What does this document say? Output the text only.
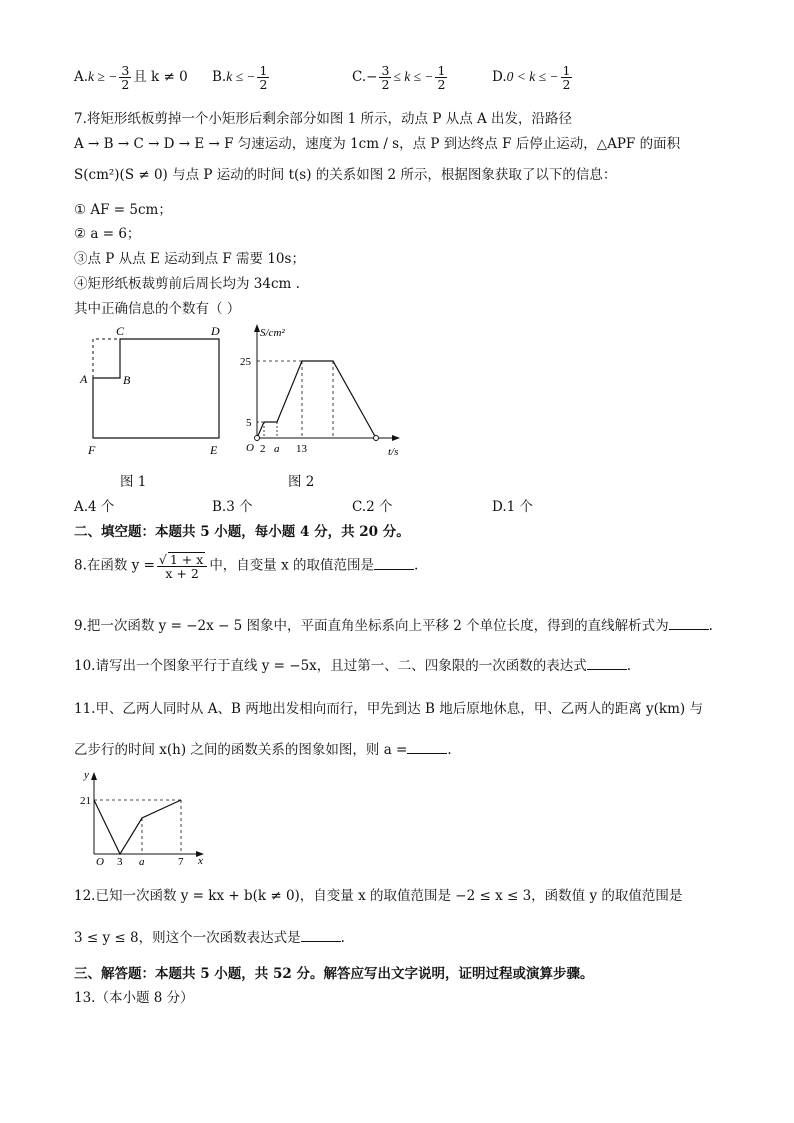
A.k ≥ − $\frac{3}{2}$ 且 k ≠ 0 B.k ≤ − $\frac{1}{2}$	$C.- \frac{3}{2} \le k$ ≤ − $\frac{1}{2}$	D.0 < k ≤ − $\frac{1}{2}$
7.将矩形纸板剪掉一个小矩形后剩余部分如图 1 所示，动点 P 从点 A 出发，沿路径
A → B → C → D → E → F 匀速运动，速度为 1cm / s，点 P 到达终点 F 后停止运动，△APF 的面积
S(cm²)(S ≠ 0) 与点 P 运动的时间 t(s) 的关系如图 2 所示，根据图象获取了以下的信息：
① AF = 5cm；
② a = 6；
③点 P 从点 E 运动到点 F 需要 10s；
④矩形纸板裁剪前后周长均为 34cm .
其中正确信息的个数有（ ）
A	B
C	D
E
F
图 1
S/cm²
t/s
O
25
5
2 a 13
图 2
A.4 个	B.3 个	C.2 个	D.1 个
二、填空题：本题共 5 小题，每小题 4 分，共 20 分。
8.在函数 $y = \frac{√ 1 + x}{x + 2}$ 中，自变量 x 的取值范围是	.
9.把一次函数 y = −2x − 5 图象中，平面直角坐标系向上平移 2 个单位长度，得到的直线解析式为	.
10.请写出一个图象平行于直线 y = −5x，且过第一、二、四象限的一次函数的表达式	.
11.甲、乙两人同时从 A、B 两地出发相向而行，甲先到达 B 地后原地休息，甲、乙两人的距离 y(km) 与
乙步行的时间 x(h) 之间的函数关系的图象如图，则 a =	.
y
x
O
21
3 a	7
12.已知一次函数 y = kx + b(k ≠ 0)，自变量 x 的取值范围是 −2 ≤ x ≤ 3，函数值 y 的取值范围是
3 ≤ y ≤ 8，则这个一次函数表达式是	.
三、解答题：本题共 5 小题，共 52 分。解答应写出文字说明，证明过程或演算步骤。
13.（本小题 8 分）
